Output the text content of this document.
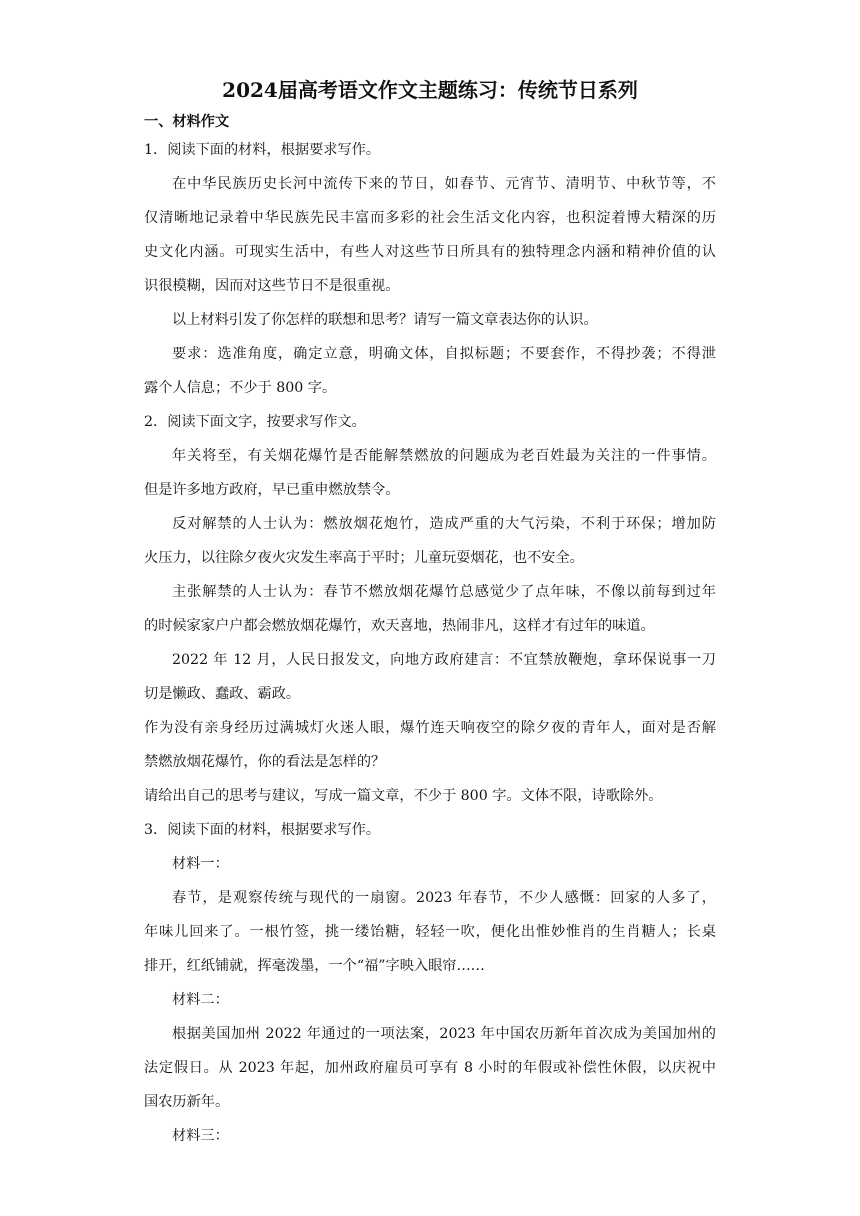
2024届高考语文作文主题练习：传统节日系列
一、材料作文
1．阅读下面的材料，根据要求写作。
在中华民族历史长河中流传下来的节日，如春节、元宵节、清明节、中秋节等，不
仅清晰地记录着中华民族先民丰富而多彩的社会生活文化内容，也积淀着博大精深的历
史文化内涵。可现实生活中，有些人对这些节日所具有的独特理念内涵和精神价值的认
识很模糊，因而对这些节日不是很重视。
以上材料引发了你怎样的联想和思考？请写一篇文章表达你的认识。
要求：选准角度，确定立意，明确文体，自拟标题；不要套作，不得抄袭；不得泄
露个人信息；不少于 800 字。
2．阅读下面文字，按要求写作文。
年关将至，有关烟花爆竹是否能解禁燃放的问题成为老百姓最为关注的一件事情。
但是许多地方政府，早已重申燃放禁令。
反对解禁的人士认为：燃放烟花炮竹，造成严重的大气污染，不利于环保；增加防
火压力，以往除夕夜火灾发生率高于平时；儿童玩耍烟花，也不安全。
主张解禁的人士认为：春节不燃放烟花爆竹总感觉少了点年味，不像以前每到过年
的时候家家户户都会燃放烟花爆竹，欢天喜地，热闹非凡，这样才有过年的味道。
2022 年 12 月，人民日报发文，向地方政府建言：不宜禁放鞭炮，拿环保说事一刀
切是懒政、蠢政、霸政。
作为没有亲身经历过满城灯火迷人眼，爆竹连天响夜空的除夕夜的青年人，面对是否解
禁燃放烟花爆竹，你的看法是怎样的？
请给出自己的思考与建议，写成一篇文章，不少于 800 字。文体不限，诗歌除外。
3．阅读下面的材料，根据要求写作。
材料一：
春节，是观察传统与现代的一扇窗。2023 年春节，不少人感慨：回家的人多了，
年味儿回来了。一根竹签，挑一缕饴糖，轻轻一吹，便化出惟妙惟肖的生肖糖人；长桌
排开，红纸铺就，挥毫泼墨，一个“福”字映入眼帘……
材料二：
根据美国加州 2022 年通过的一项法案，2023 年中国农历新年首次成为美国加州的
法定假日。从 2023 年起，加州政府雇员可享有 8 小时的年假或补偿性休假，以庆祝中
国农历新年。
材料三：
